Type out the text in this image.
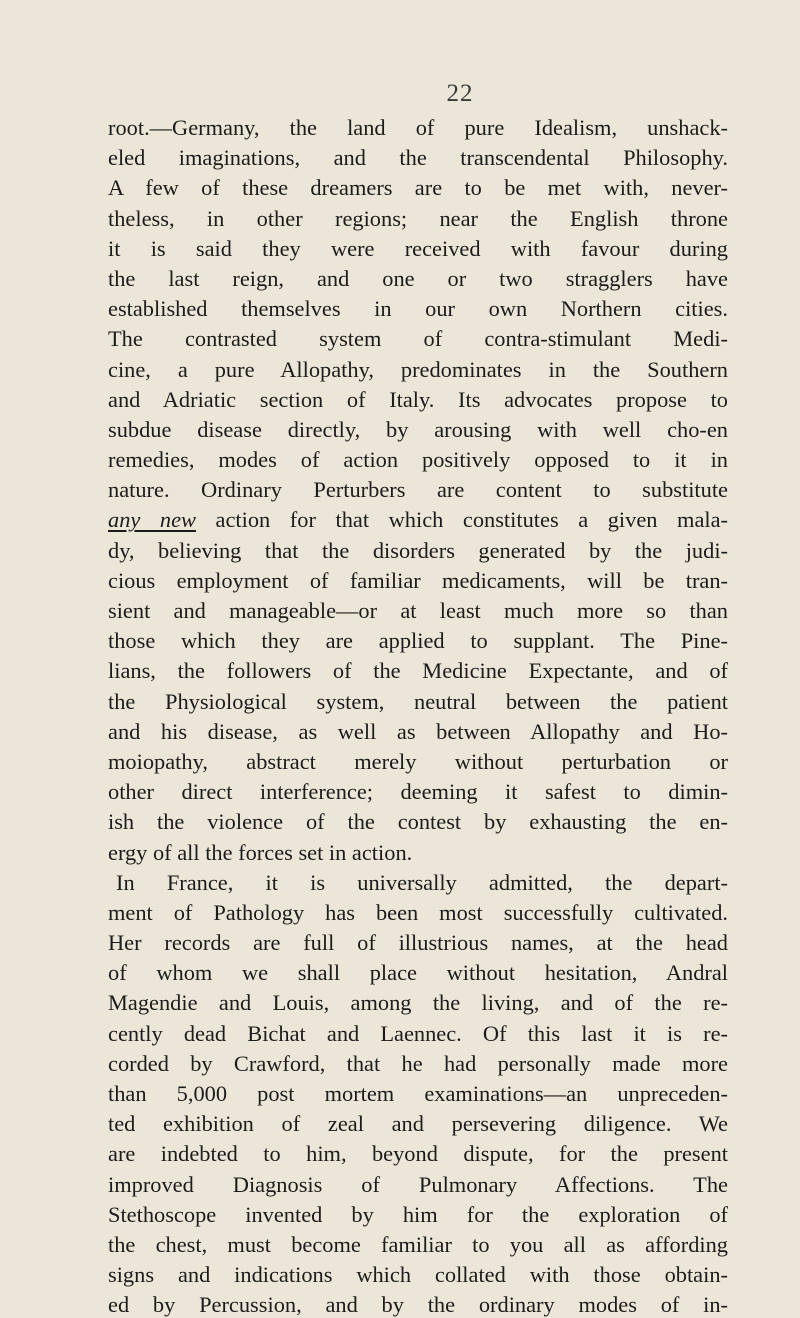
22
root.—Germany, the land of pure Idealism, unshack-
eled imaginations, and the transcendental Philosophy.
A few of these dreamers are to be met with, never-
theless, in other regions; near the English throne
it is said they were received with favour during
the last reign, and one or two stragglers have
established themselves in our own Northern cities.
The contrasted system of contra-stimulant Medi-
cine, a pure Allopathy, predominates in the Southern
and Adriatic section of Italy. Its advocates propose to
subdue disease directly, by arousing with well cho-en
remedies, modes of action positively opposed to it in
nature. Ordinary Perturbers are content to substitute
any new action for that which constitutes a given mala-
dy, believing that the disorders generated by the judi-
cious employment of familiar medicaments, will be tran-
sient and manageable—or at least much more so than
those which they are applied to supplant. The Pine-
lians, the followers of the Medicine Expectante, and of
the Physiological system, neutral between the patient
and his disease, as well as between Allopathy and Ho-
moiopathy, abstract merely without perturbation or
other direct interference; deeming it safest to dimin-
ish the violence of the contest by exhausting the en-
ergy of all the forces set in action.
In France, it is universally admitted, the depart-
ment of Pathology has been most successfully cultivated.
Her records are full of illustrious names, at the head
of whom we shall place without hesitation, Andral
Magendie and Louis, among the living, and of the re-
cently dead Bichat and Laennec. Of this last it is re-
corded by Crawford, that he had personally made more
than 5,000 post mortem examinations—an unpreceden-
ted exhibition of zeal and persevering diligence. We
are indebted to him, beyond dispute, for the present
improved Diagnosis of Pulmonary Affections. The
Stethoscope invented by him for the exploration of
the chest, must become familiar to you all as affording
signs and indications which collated with those obtain-
ed by Percussion, and by the ordinary modes of in-
